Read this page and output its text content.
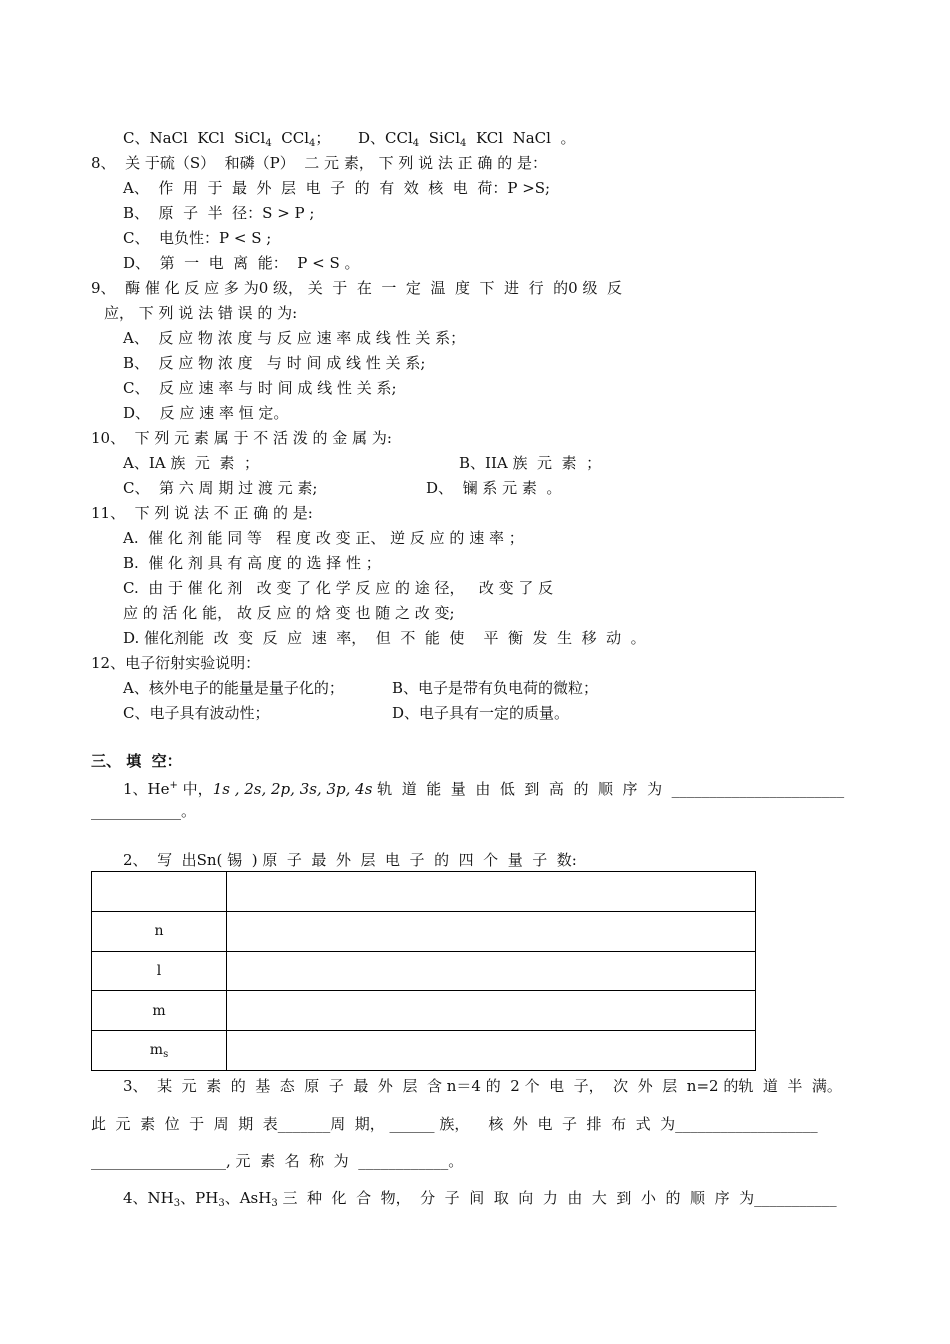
C、NaCl  KCl  SiCl$_4$  CCl$_4$； D、CCl$_4$  SiCl$_4$  KCl  NaCl  。
8、  关 于硫（S）  和磷（P）  二 元 素， 下 列 说 法 正 确 的 是：
A、  作  用  于  最  外  层  电  子  的  有  效  核  电  荷：P >S;
B、  原  子  半  径：S > P ;
C、  电负性：P < S ;
D、  第  一  电  离  能：  P < S 。
9、  酶 催 化 反 应 多 为0 级， 关  于  在  一  定  温  度  下  进  行  的0 级  反
应， 下 列 说 法 错 误 的 为:
A、  反 应 物 浓 度 与 反 应 速 率 成 线 性 关 系；
B、  反 应 物 浓 度   与 时 间 成 线 性 关 系;
C、  反 应 速 率 与 时 间 成 线 性 关 系;
D、  反 应 速 率 恒 定。
10、  下 列 元 素 属 于 不 活 泼 的 金 属 为:
A、IA 族  元  素  ；	B、IIA 族  元  素  ；
C、  第 六 周 期 过 渡 元 素;	D、  镧 系 元 素  。
11、  下 列 说 法 不 正 确 的 是:
A.  催 化 剂 能 同 等   程 度 改 变 正、 逆 反 应 的 速 率 ；
B.  催 化 剂 具 有 高 度 的 选 择 性 ；
C.  由 于 催 化 剂   改 变 了 化 学 反 应 的 途 径，   改 变 了 反
应 的 活 化 能， 故 反 应 的 焓 变 也 随 之 改 变;
D. 催化剂能  改  变  反  应  速  率，  但  不  能  使    平  衡  发  生  移  动  。
12、电子衍射实验说明：
A、核外电子的能量是量子化的；	B、电子是带有负电荷的微粒；
C、电子具有波动性；	D、电子具有一定的质量。
三、 填  空：
1、He+ 中，1s , 2s, 2p, 3s, 3p, 4s 轨  道  能  量  由  低  到  高  的  顺  序  为  _______________________
____________。
2、  写  出Sn( 锡  ) 原  子  最  外  层  电  子  的  四  个  量  子  数:

n	
l	
m	
$m_s$	
3、  某  元  素  的  基  态  原  子  最  外  层  含 n＝4 的  2 个  电  子，  次  外  层  n=2 的轨  道  半  满。
此  元  素  位  于  周  期  表_______周  期， ______ 族，    核  外  电  子  排  布  式  为___________________
__________________, 元  素  名  称  为  ____________。
4、$NH_3$、$PH_3$、AsH$_3$ 三  种  化  合  物，  分  子  间  取  向  力  由  大  到  小  的  顺  序  为___________
